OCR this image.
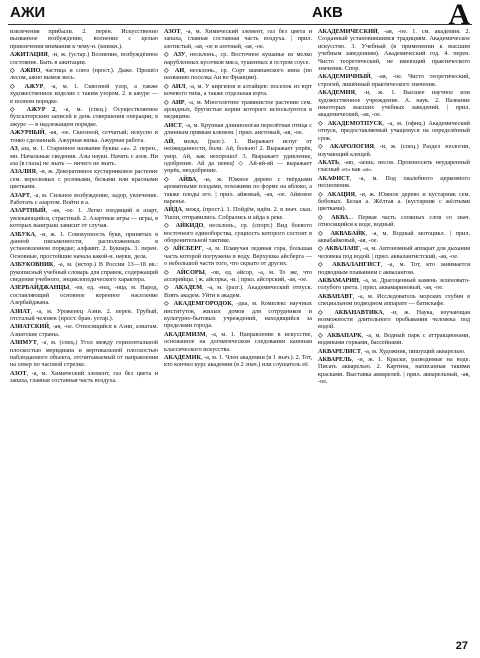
АЖИ	АКВ	А
извлечения прибыли. 2. перен. Искусственно вызванное возбуждение, волнение с целью привлечения внимания к чему-н. (книжн.).
АЖИТАЦИЯ, -и, ж. (устар.) Волнение, возбуждённое состояние. Быть в ажитации.
◇ АЖНО, частица и союз (прост.). Даже. Прошёл лесом, ажно вымок весь.
◇ АЖУР, -а, м. 1. Сквозной узор, а также художественное изделие с таким узором. 2. в ажуре — в полном порядке.
◇ АЖУР 2, -а, м. (спец.) Осуществляемое бухгалтерским записей в день совершения операции; в ажуре — в надлежащем порядке.
АЖУРНЫЙ, -ая, -ое. Сквозной, сетчатый; искусно и тонко сделанный. Ажурная вязка. Ажурная работа.
АЗ, аза, м. 1. Старинное название буквы «а». 2. перен., мн. Начальные сведения. Азы науки. Начать с азов. Ни аза (в глаза) не знать — ничего не знать.
АЗАЛИЯ, -и, ж. Декоративное кустарниковое растение сем. вересковых с розовыми, белыми или красными цветками.
АЗАРТ, -а, м. Сильное возбуждение, задор, увлечение. Работать с азартом. Войти в а.
АЗАРТНЫЙ, -ая, -ое. 1. Легко входящий в азарт, увлекающийся, страстный. 2. Азартные игры — игры, в которых выигрыш зависит от случая.
АЗБУКА, -и, ж. 1. Совокупность букв, принятых в данной письменности, расположенных в установленном порядке; алфавит. 2. Букварь. 3. перен. Основные, простейшие начала какой-н. науки, дела.
АЗБУКОВНИК, -а, м. (истор.) В России 13—18 вв.: рукописный учебный словарь для справок, содержащий сведения учебного, энциклопедического характера.
АЗЕРБАЙДЖАНЦЫ, -ев, ед. -нец, -нца, м. Народ, составляющий основное коренное население Азербайджана.
АЗИАТ, -а, м. Уроженец Азии. 2. перен. Грубый, отсталый человек (прост. бран. устар.).
АЗИАТСКИЙ, -ая, -ое. Относящийся к Азии, азиатам. Азиатские страны.
АЗИМУТ, -а, м. (спец.) Угол между горизонтальной плоскостью меридиана и вертикальной плоскостью наблюдаемого объекта, отсчитываемый от направления на север по часовой стрелке.
АЗОТ, -а, м. Химический элемент, газ без цвета и запаха, главная составная часть воздуха.
АЗОТ, -а, м. Химический элемент, газ без цвета и запаха, главная составная часть воздуха. | прил. азотистый, -ая, -ое и азотный, -ая, -ое.
◇ АЗУ, несклонь., ср. Восточное кушанье из мелко нарубленных кусочков мяса, тушенных в остром соусе.
◇ АИ, несклонь., ср. Сорт шампанского вина (по названию поселка Аи во Франции).
◇ АИЛ, -а, м. У киргизов и алтайцев: поселок из юрт кочевого типа, а также отдельная юрта.
◇ АИР, -а, м. Многолетнее травянистое растение сем. ароидных, бругистые корни которого используются в медицине.
АИСТ, -а, м. Крупная длинноногая перелётная птица с длинным прямым клювом. | прил. аистовый, -ая, -ое.
АЙ, межд. (разг.). 1. Выражает испуг от неожиданности, боли. Ай, больно! 2. Выражает упрёк, укор. Ай, как нехорошо! 3. Выражает удивление, одобрение. Ай да певец! ◇ Ай-яй-яй — выражает упрёк, неодобрение.
◇ АЙВА, -ы, ж. Южное дерево с твёрдыми ароматными плодами, похожими по форме на яблоко, а также плоды его. | прил. айвовый, -ая, -ое. Айвовое варенье.
АЙДА, межд. (прост.). 1. Пойдём, идём. 2. в знач. сказ. Ушли, отправились. Собрались и айда к реке.
◇ АЙКИДО, несклонь., ср. (спорт.) Вид боевого восточного единоборства, сущность которого состоит в оборонительной тактике.
◇ АЙСБЕРГ, -а, м. Плавучая ледяная гора, большая часть которой погружена в воду. Верхушка айсберга — о небольшой части того, что скрыто от других.
◇ АЙСОРЫ, -ов, ед. айсор, -а, м. То же, что ассирийцы. | ж. айсорка, -и. | прил. айсорский, -ая, -ое.
◇ АКАДЕМ, -а, м. (разг.). Академический отпуск. Взять академ. Уйти в академ.
◇ АКАДЕМГОРОДОК, -дка, м. Комплекс научных институтов, жилых домов для сотрудников и культурно-бытовых учреждений, находящийся за пределами города.
АКАДЕМИЗМ, -а, м. 1. Направление в искусстве, основанное на догматическом следовании канонам классического искусства.
АКАДЕМИК, -а, м. 1. Член академии (в 1 знач.). 2. Тот, кто кончил курс академии (в 2 знач.) или слушатель её.
АКАДЕМИЧЕСКИЙ, -ая, -ое. 1. см. академия. 2. Созданный установившимся традициям. Академическое искусство. 3. Учебный (в применении к высшим учебным заведениям). Академический год. 4. перен. Чисто теоретический, не имеющий практического значения. Спор.
АКАДЕМИЧНЫЙ, -ая, -ое. Чисто теоретический, строгий, лишённый практического значения.
АКАДЕМИЯ, -и, ж. 1. Высшее научное или художественное учреждение. А. наук. 2. Название некоторых высших учебных заведений. | прил. академический, -ая, -ое.
◇ АКАДЕМОТПУСК, -а, м. (офиц.) Академический отпуск, предоставляемый учащемуся на определённый срок.
◇ АКАРОЛОГИЯ, -и, ж. (спец.) Раздел зоологии, изучающий клещей.
АКАТЬ, -аю, -аешь; несов. Произносить неударенный гласный «о» как «а».
АКАФИСТ, -а, м. Под хвалебного церковного песнопения.
◇ АКАЦИЯ, -и, ж. Южное дерево и кустарник сем. бобовых. Белая а. Жёлтая а. (кустарник с жёлтыми цветками).
◇ АКВА... Первая часть сложных слов со знач. относящийся к воде, водный.
◇ АКВАБАЙК, -а, м. Водный мотоцикл. | прил. аквабайковый, -ая, -ое.
◇ АКВАЛАНГ, -а, м. Автономный аппарат для дыхания человека под водой. | прил. аквалангистский, -ая, -ое.
◇ АКВАЛАНГИСТ, -а, м. Тот, кто занимается подводным плаванием с аквалангом.
АКВАМАРИН, -а, м. Драгоценный камень зеленовато-голубого цвета. | прил. аквамариновый, -ая, -ое.
АКВАНАВТ, -а, м. Исследователь морских глубин в специальном подводном аппарате — батискафе.
◇ АКВАНАВТИКА, -и, ж. Наука, изучающая возможности длительного пребывания человека под водой.
◇ АКВАПАРК, -а, м. Водный парк с аттракционами, водяными горками, бассейнами.
АКВАРЕЛИСТ, -а, м. Художник, пишущий акварелью.
АКВАРЕЛЬ, -и, ж. 1. Краски, разводимые на воде. Писать акварелью. 2. Картина, написанная такими красками. Выставка акварелей. | прил. акварельный, -ая, -ое.
27
